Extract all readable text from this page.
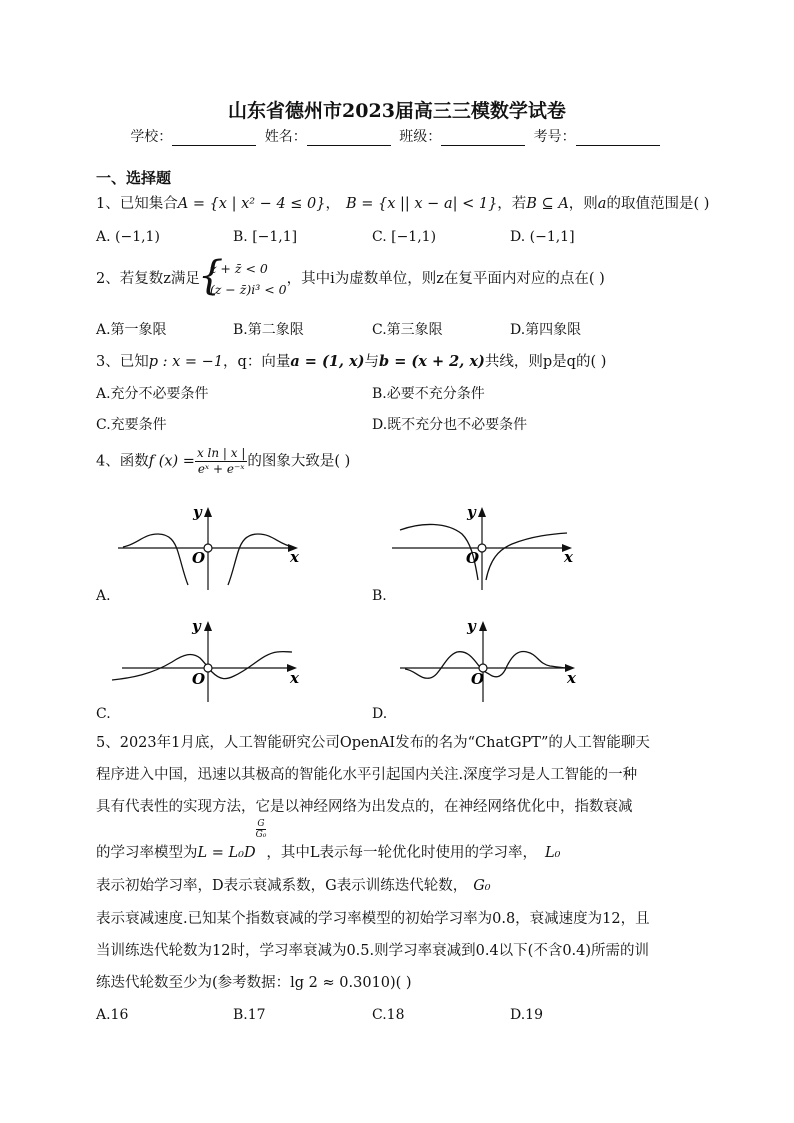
山东省德州市2023届高三三模数学试卷
学校：	姓名：	班级：	考号：
一、选择题
1、已知集合A = {x | x² − 4 ≤ 0}， B = {x || x − a| < 1}，若B ⊆ A，则a的取值范围是( )
A. (−1,1)	B. [−1,1]	C. [−1,1)	D. (−1,1]
2、若复数z满足{ z + z̄ < 0
(z − z̄)i³ < 0，其中i为虚数单位，则z在复平面内对应的点在( )
A.第一象限	B.第二象限	C.第三象限	D.第四象限
3、已知p : x = −1，q：向量a = (1, x)与b = (x + 2, x)共线，则p是q的( )
A.充分不必要条件	B.必要不充分条件
C.充要条件	D.既不充分也不必要条件
4、函数f $(x) = \frac{\text{x ln | x |}}{\text{eˣ + e⁻ˣ}}$ 的图象大致是( )
y
x
O
A.
y
x
O
B.
y
x
O
C.
y
x
O
D.
5、2023年1月底，人工智能研究公司OpenAI发布的名为“ChatGPT”的人工智能聊天
程序进入中国，迅速以其极高的智能化水平引起国内关注.深度学习是人工智能的一种
具有代表性的实现方法，它是以神经网络为出发点的，在神经网络优化中，指数衰减
的学习率模型为L = L₀D
$\frac{G}{\text{G₀}}$
，其中L表示每一轮优化时使用的学习率， L₀
表示初始学习率，D表示衰减系数，G表示训练迭代轮数， G₀
表示衰减速度.已知某个指数衰减的学习率模型的初始学习率为0.8，衰减速度为12，且
当训练迭代轮数为12时，学习率衰减为0.5.则学习率衰减到0.4以下(不含0.4)所需的训
练迭代轮数至少为(参考数据：lg 2 ≈ 0.3010)( )
A.16	B.17	C.18	D.19
